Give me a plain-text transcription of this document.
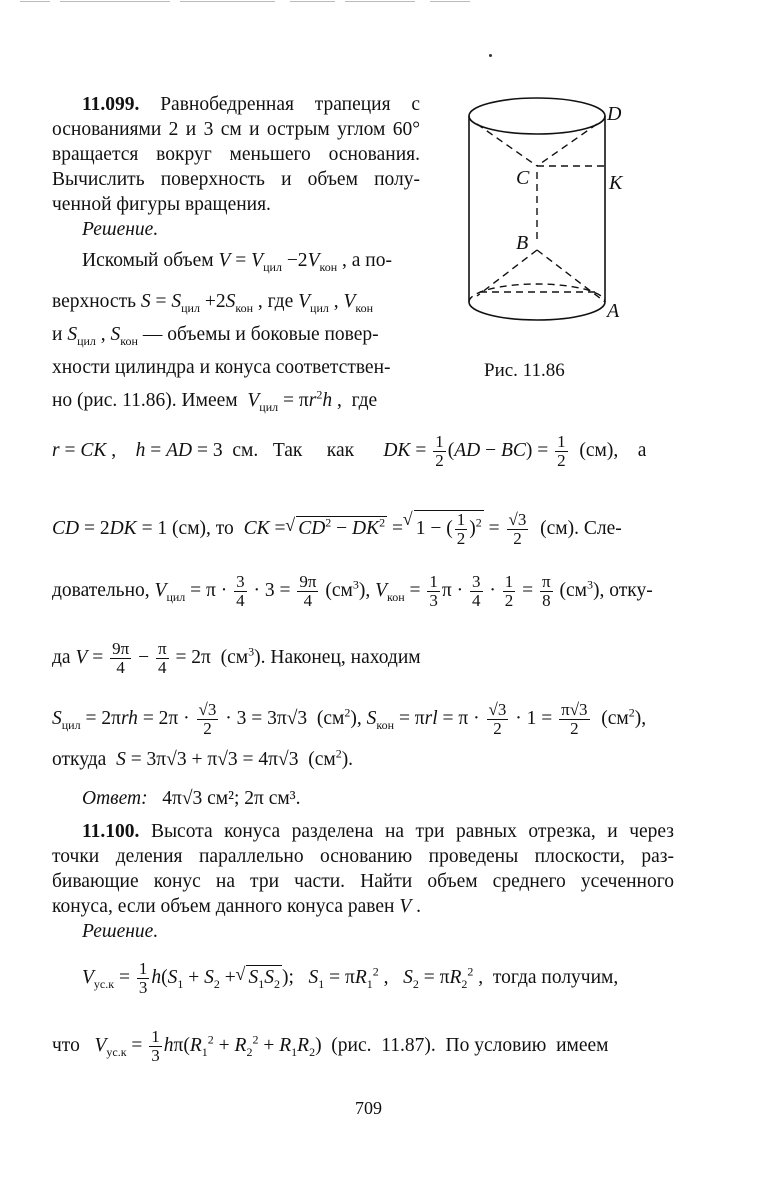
11.099. Равнобедренная трапеция с
основаниями 2 и 3 см и острым углом 60°
вращается вокруг меньшего основания.
Вычислить поверхность и объем полу-
ченной фигуры вращения.
Решение.
Искомый объем $V = V_{цил} -2V_{кон}$ , а по-
верхность $S = S_{цил} +2S_{кон}$ , где $V_{цил}$ , $V_{кон}$
и $S_{цил}$ , $S_{кон}$ — объемы и боковые повер-
хности цилиндра и конуса соответствен-
но (рис. 11.86). Имеем  $V_{цил} = \pi r^2h$ ,  где
D
C	K
B
A
Рис. 11.86
r = CK ,    h = AD = 3  см.   Так     как      DK = $\frac{1}{2} (AD - BC) = \frac{1}{2} (см)$,    а
CD = 2DK = 1 (см), то  CK =  √ $CD^2 - DK^2$ =  √ 1 − ( $\frac{1}{2} )^2 = \frac{√3}{2} (см)$. Сле-
довательно, $V_{цил} = \pi \cdot \frac{3}{4} \cdot 3 = \frac{9\pi}{4} (см^3)$, $V_{кон} = \frac{1}{3}$ $\pi \cdot \frac{3}{4} \cdot \frac{1}{2} = \frac{\pi}{8} (см^3)$, отку-
да $V = \frac{9\pi}{4} - \frac{\pi}{4} = 2\pi$  $(см^3)$. Наконец, находим
$S_{цил} = 2\pi rh = 2\pi \cdot \frac{√3}{2} \cdot 3 = 3\pi√3$  $(см^2)$, $S_{кон} = \pi rl = \pi \cdot \frac{√3}{2} \cdot 1 = \frac{\pi√3}{2} (см^2)$,
откуда  S = 3π√3 + π√3 = 4π√3  $(см^2)$.
Ответ: 4π√3 см²; 2π см³.
11.100. Высота конуса разделена на три равных отрезка, и через
точки деления параллельно основанию проведены плоскости, раз-
бивающие конус на три части. Найти объем среднего усеченного
конуса, если объем данного конуса равен V .
Решение.
$V_{ус.к} = \frac{1}{3} h(S_1 + S_2$ +  √ $S_1S_2$ );   $S_1 = \pi R_1^2$ ,   $S_2 = \pi R_2^2$ ,  тогда получим,
что   $V_{ус.к} = \frac{1}{3} h\pi(R_1^2 + R_2^2 + R_1R_2)$  (рис.  11.87).  По условию  имеем
709
